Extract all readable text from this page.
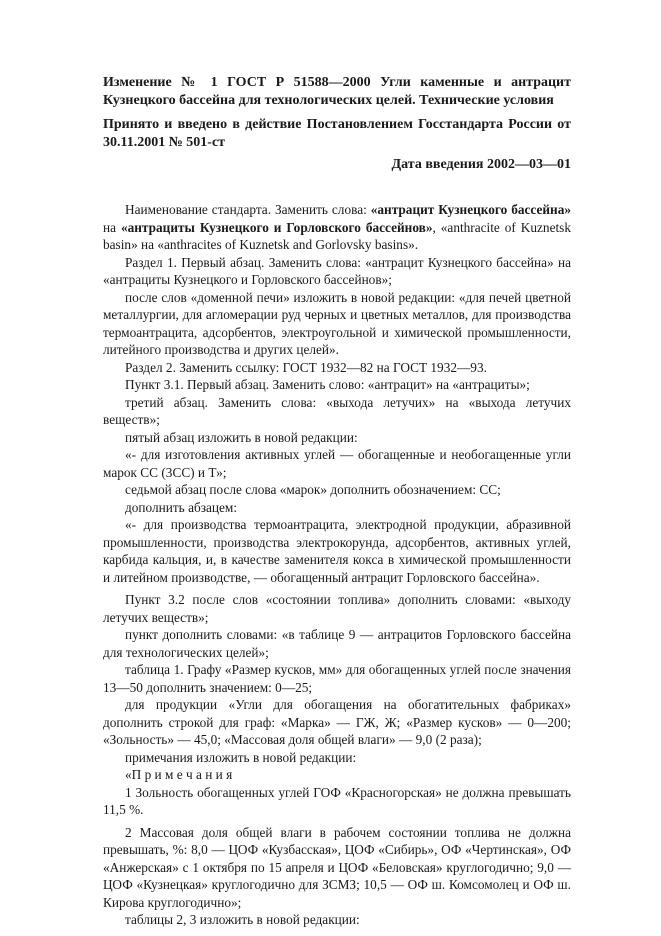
Изменение № 1 ГОСТ Р 51588—2000 Угли каменные и антрацит Кузнецкого бассейна для технологических целей. Технические условия

Принято и введено в действие Постановлением Госстандарта России от 30.11.2001 № 501-ст

Дата введения 2002—03—01

Наименование стандарта. Заменить слова: «антрацит Кузнецкого бассейна» на «антрациты Кузнецкого и Горловского бассейнов», «anthracite of Kuznetsk basin» на «anthracites of Kuznetsk and Gorlovsky basins».

Раздел 1. Первый абзац. Заменить слова: «антрацит Кузнецкого бассейна» на «антрациты Кузнецкого и Горловского бассейнов»;

после слов «доменной печи» изложить в новой редакции: «для печей цветной металлургии, для агломерации руд черных и цветных металлов, для производства термоантрацита, адсорбентов, электроугольной и химической промышленности, литейного производства и других целей».

Раздел 2. Заменить ссылку: ГОСТ 1932—82 на ГОСТ 1932—93.

Пункт 3.1. Первый абзац. Заменить слово: «антрацит» на «антрациты»;

третий абзац. Заменить слова: «выхода летучих» на «выхода летучих веществ»;

пятый абзац изложить в новой редакции:

«- для изготовления активных углей — обогащенные и необогащенные угли марок СС (3СС) и Т»;

седьмой абзац после слова «марок» дополнить обозначением: СС;

дополнить абзацем:

«- для производства термоантрацита, электродной продукции, абразивной промышленности, производства электрокорунда, адсорбентов, активных углей, карбида кальция, и, в качестве заменителя кокса в химической промышленности и литейном производстве, — обогащенный антрацит Горловского бассейна».

Пункт 3.2 после слов «состоянии топлива» дополнить словами: «выходу летучих веществ»;

пункт дополнить словами: «в таблице 9 — антрацитов Горловского бассейна для технологических целей»;

таблица 1. Графу «Размер кусков, мм» для обогащенных углей после значения 13—50 дополнить значением: 0—25;

для продукции «Угли для обогащения на обогатительных фабриках» дополнить строкой для граф: «Марка» — ГЖ, Ж; «Размер кусков» — 0—200; «Зольность» — 45,0; «Массовая доля общей влаги» — 9,0 (2 раза);

примечания изложить в новой редакции:

«П р и м е ч а н и я

1 Зольность обогащенных углей ГОФ «Красногорская» не должна превышать 11,5 %.

2 Массовая доля общей влаги в рабочем состоянии топлива не должна превышать, %: 8,0 — ЦОФ «Кузбасская», ЦОФ «Сибирь», ОФ «Чертинская», ОФ «Анжерская» с 1 октября по 15 апреля и ЦОФ «Беловская» круглогодично; 9,0 — ЦОФ «Кузнецкая» круглогодично для ЗСМЗ; 10,5 — ОФ ш. Комсомолец и ОФ ш. Кирова круглогодично»;

таблицы 2, 3 изложить в новой редакции:
